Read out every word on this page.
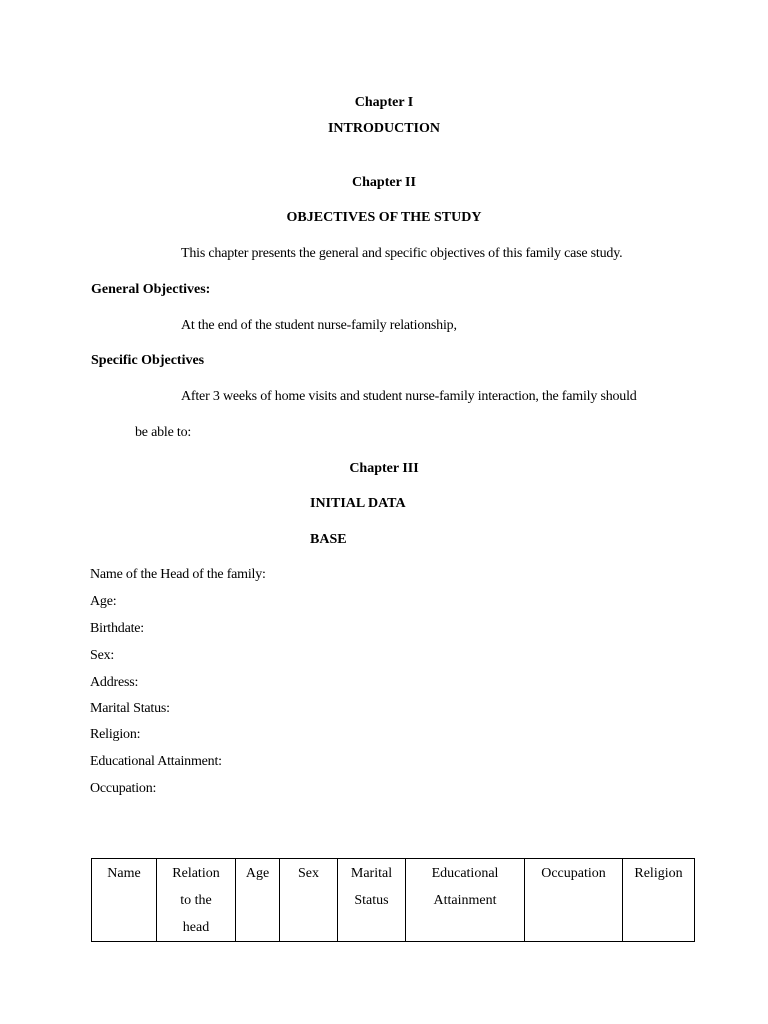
Chapter I
INTRODUCTION
Chapter II
OBJECTIVES OF THE STUDY
This chapter presents the general and specific objectives of this family case study.
General Objectives:
At the end of the student nurse-family relationship,
Specific Objectives
After 3 weeks of home visits and student nurse-family interaction, the family should
be able to:
Chapter III
INITIAL DATA
BASE
Name of the Head of the family:
Age:
Birthdate:
Sex:
Address:
Marital Status:
Religion:
Educational Attainment:
Occupation:
Name	Relation
to the
head	Age	Sex	Marital
Status	Educational
Attainment	Occupation	Religion
